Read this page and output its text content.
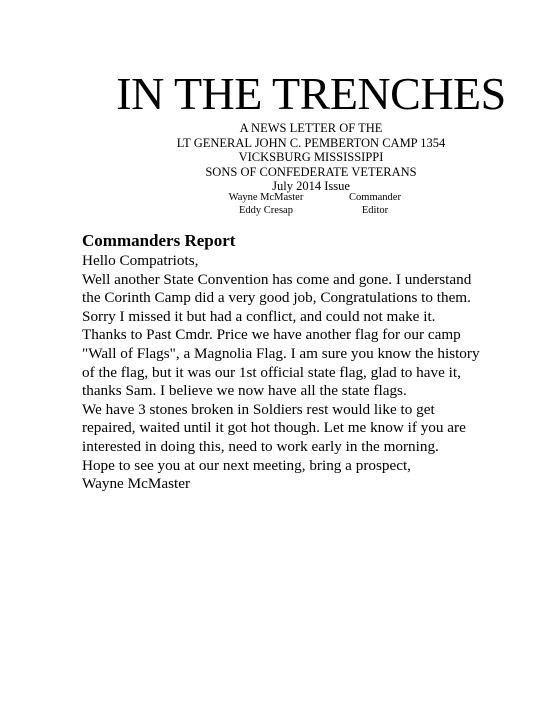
IN THE TRENCHES
A NEWS LETTER OF THE
LT GENERAL JOHN C. PEMBERTON CAMP 1354
VICKSBURG MISSISSIPPI
SONS OF CONFEDERATE VETERANS
July 2014 Issue
Wayne McMaster
Eddy Cresap
Commander
Editor
Commanders Report
Hello Compatriots,
Well another State Convention has come and gone. I understand
the Corinth Camp did a very good job, Congratulations to them.
Sorry I missed it but had a conflict, and could not make it.
Thanks to Past Cmdr. Price we have another flag for our camp
"Wall of Flags", a Magnolia Flag. I am sure you know the history
of the flag, but it was our 1st official state flag, glad to have it,
thanks Sam. I believe we now have all the state flags.
We have 3 stones broken in Soldiers rest would like to get
repaired, waited until it got hot though. Let me know if you are
interested in doing this, need to work early in the morning.
Hope to see you at our next meeting, bring a prospect,
Wayne McMaster
